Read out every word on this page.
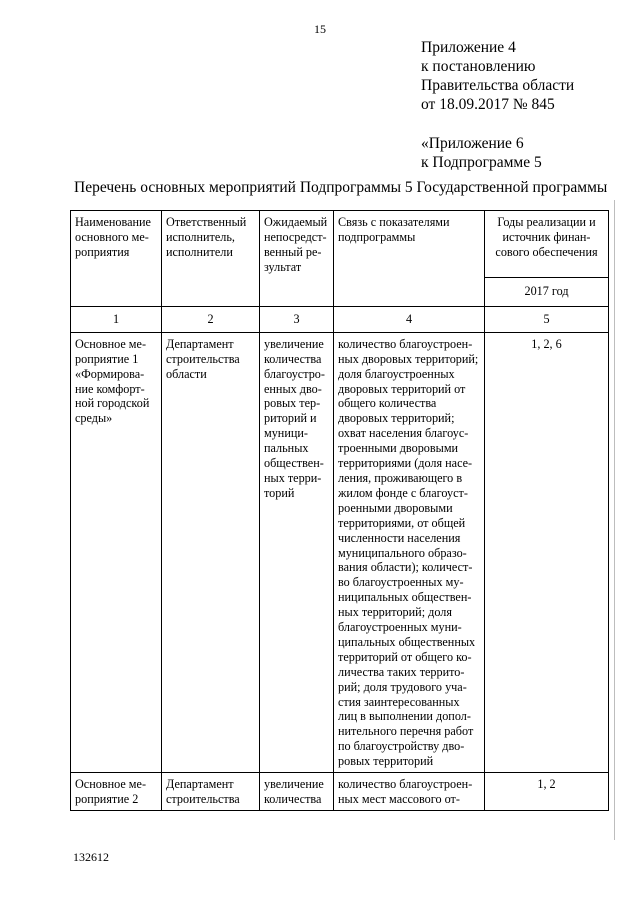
15
Приложение 4
к постановлению
Правительства области
от 18.09.2017 № 845
«Приложение 6
к Подпрограмме 5
Перечень основных мероприятий Подпрограммы 5 Государственной программы
Наименование основного мероприятия	Ответственный исполнитель, исполнители	Ожидаемый непосредственный результат	Связь с показателями подпрограммы	Годы реализации и источник финансового обеспечения
				2017 год
1	2	3	4	5
Основное мероприятие 1 «Формирование комфортной городской среды»	Департамент строительства области	увеличение количества благоустроенных дворовых территорий и муниципальных общественных территорий	количество благоустроенных дворовых территорий; доля благоустроенных дворовых территорий от общего количества дворовых территорий; охват населения благоустроенными дворовыми территориями (доля населения, проживающего в жилом фонде с благоустроенными дворовыми территориями, от общей численности населения муниципального образования области); количество благоустроенных муниципальных общественных территорий; доля благоустроенных муниципальных общественных территорий от общего количества таких территорий; доля трудового участия заинтересованных лиц в выполнении дополнительного перечня работ по благоустройству дворовых территорий	1, 2, 6
Основное мероприятие 2	Департамент строительства	увеличение количества	количество благоустроенных мест массового от-	1, 2
132612
